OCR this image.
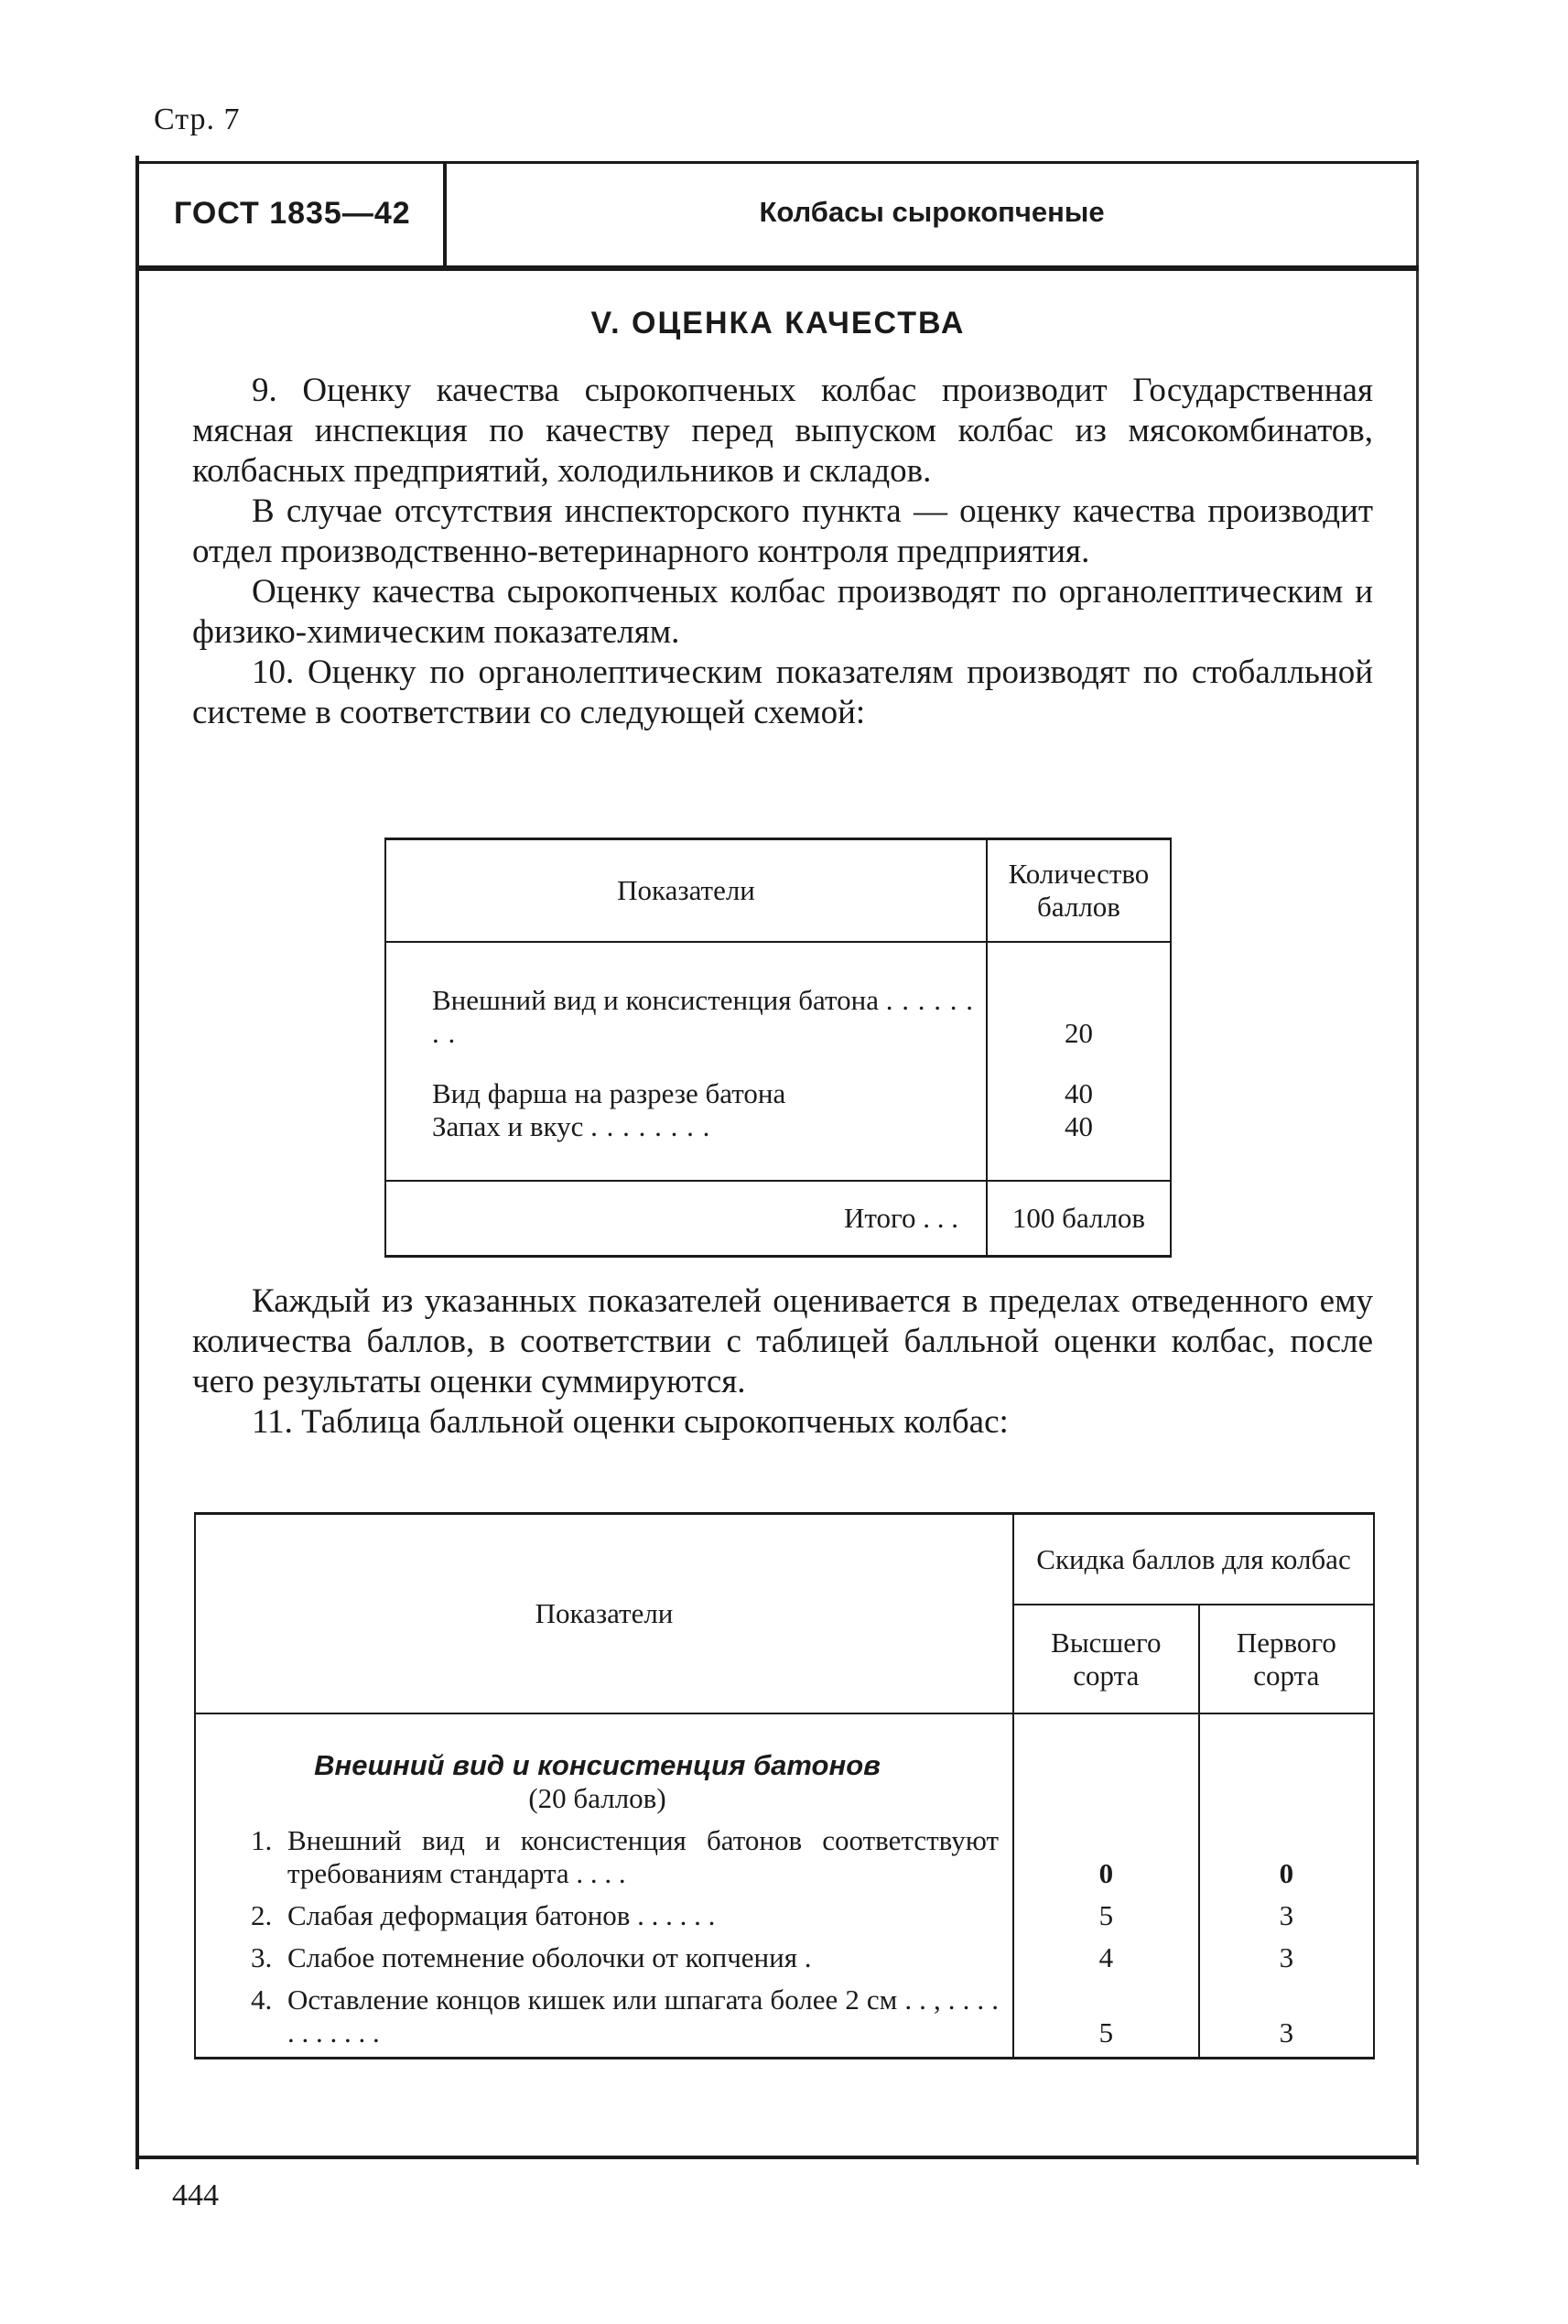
Стр. 7
ГОСТ 1835—42	Колбасы сырокопченые
V. ОЦЕНКА КАЧЕСТВА

9. Оценку качества сырокопченых колбас производит Государственная мясная инспекция по качеству перед выпуском колбас из мясокомбинатов, колбасных предприятий, холодильников и складов.

В случае отсутствия инспекторского пункта — оценку качества производит отдел производственно-ветеринарного контроля предприятия.

Оценку качества сырокопченых колбас производят по органолептическим и физико-химическим показателям.

10. Оценку по органолептическим показателям производят по стобалльной системе в соответствии со следующей схемой:

Показатели	Количество баллов
Внешний вид и консистенция батона . . . . . . . .	20
Вид фарша на разрезе батона	40
Запах и вкус . . . . . . . .	40
Итого . . .	100 баллов

Каждый из указанных показателей оценивается в пределах отведенного ему количества баллов, в соответствии с таблицей балльной оценки колбас, после чего результаты оценки суммируются.

11. Таблица балльной оценки сырокопченых колбас:

Показатели	Скидка баллов для колбас	
	Высшего сорта	Первого сорта

Внешний вид и консистенция батонов
(20 баллов)		

1. Внешний вид и консистенция батонов соответствуют требованиям стандарта . . . .	0	0

2. Слабая деформация батонов . . . . . .	5	3

3. Слабое потемнение оболочки от копчения .	4	3

4. Оставление концов кишек или шпагата более 2 см . . , . . . . . . . . . . .	5	3
444
